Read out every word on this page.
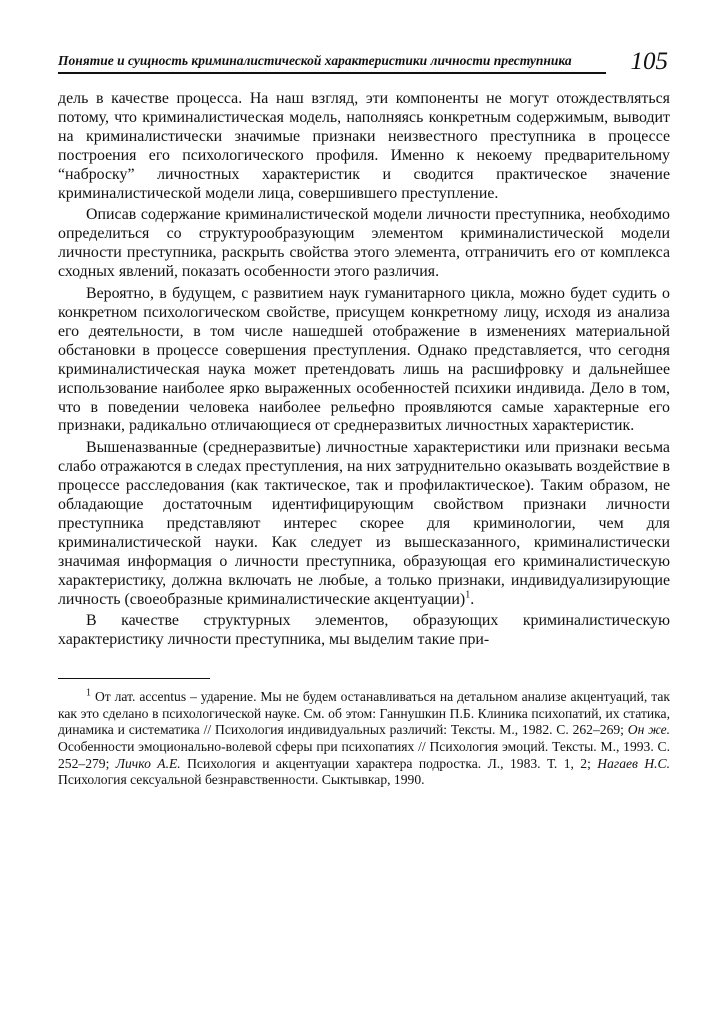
Понятие и сущность криминалистической характеристики личности преступника	105

дель в качестве процесса. На наш взгляд, эти компоненты не могут отождествляться потому, что криминалистическая модель, наполняясь конкретным содержимым, выводит на криминалистически значимые признаки неизвестного преступника в процессе построения его психологического профиля. Именно к некоему предварительному “наброску” личностных характеристик и сводится практическое значение криминалистической модели лица, совершившего преступление.

Описав содержание криминалистической модели личности преступника, необходимо определиться со структурообразующим элементом криминалистической модели личности преступника, раскрыть свойства этого элемента, отграничить его от комплекса сходных явлений, показать особенности этого различия.

Вероятно, в будущем, с развитием наук гуманитарного цикла, можно будет судить о конкретном психологическом свойстве, присущем конкретному лицу, исходя из анализа его деятельности, в том числе нашедшей отображение в изменениях материальной обстановки в процессе совершения преступления. Однако представляется, что сегодня криминалистическая наука может претендовать лишь на расшифровку и дальнейшее использование наиболее ярко выраженных особенностей психики индивида. Дело в том, что в поведении человека наиболее рельефно проявляются самые характерные его признаки, радикально отличающиеся от среднеразвитых личностных характеристик.

Вышеназванные (среднеразвитые) личностные характеристики или признаки весьма слабо отражаются в следах преступления, на них затруднительно оказывать воздействие в процессе расследования (как тактическое, так и профилактическое). Таким образом, не обладающие достаточным идентифицирующим свойством признаки личности преступника представляют интерес скорее для криминологии, чем для криминалистической науки. Как следует из вышесказанного, криминалистически значимая информация о личности преступника, образующая его криминалистическую характеристику, должна включать не любые, а только признаки, индивидуализирующие личность (своеобразные криминалистические акцентуации)$^1$.

В качестве структурных элементов, образующих криминалистическую характеристику личности преступника, мы выделим такие при-

$^1$ От лат. accentus – ударение. Мы не будем останавливаться на детальном анализе акцентуаций, так как это сделано в психологической науке. См. об этом: Ганнушкин П.Б. Клиника психопатий, их статика, динамика и систематика // Психология индивидуальных различий: Тексты. М., 1982. С. 262–269; Он же. Особенности эмоционально-волевой сферы при психопатиях // Психология эмоций. Тексты. М., 1993. С. 252–279; Личко А.Е. Психология и акцентуации характера подростка. Л., 1983. Т. 1, 2; Нагаев Н.С. Психология сексуальной безнравственности. Сыктывкар, 1990.
